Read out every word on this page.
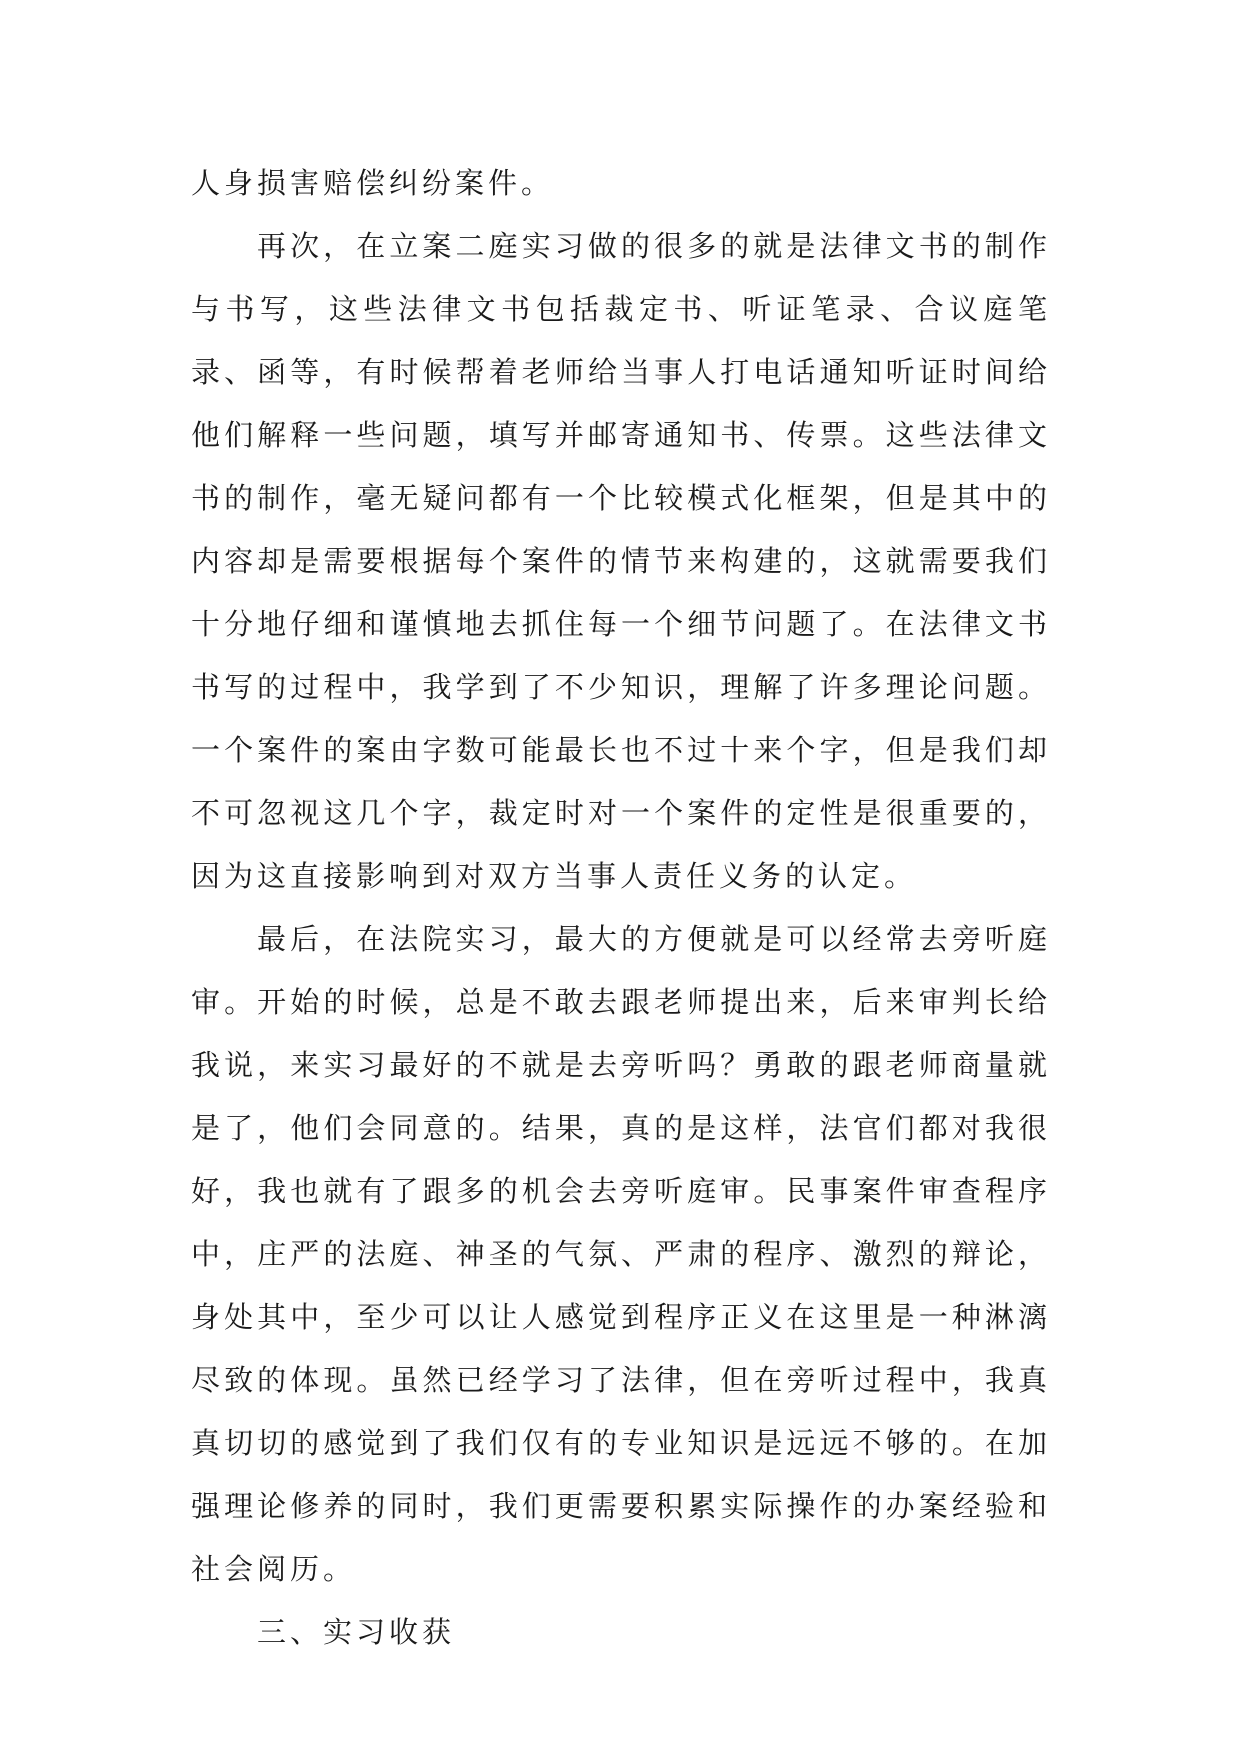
人身损害赔偿纠纷案件。

再次，在立案二庭实习做的很多的就是法律文书的制作与书写，这些法律文书包括裁定书、听证笔录、合议庭笔录、函等，有时候帮着老师给当事人打电话通知听证时间给他们解释一些问题，填写并邮寄通知书、传票。这些法律文书的制作，毫无疑问都有一个比较模式化框架，但是其中的内容却是需要根据每个案件的情节来构建的，这就需要我们十分地仔细和谨慎地去抓住每一个细节问题了。在法律文书书写的过程中，我学到了不少知识，理解了许多理论问题。一个案件的案由字数可能最长也不过十来个字，但是我们却不可忽视这几个字，裁定时对一个案件的定性是很重要的，因为这直接影响到对双方当事人责任义务的认定。

最后，在法院实习，最大的方便就是可以经常去旁听庭审。开始的时候，总是不敢去跟老师提出来，后来审判长给我说，来实习最好的不就是去旁听吗？勇敢的跟老师商量就是了，他们会同意的。结果，真的是这样，法官们都对我很好，我也就有了跟多的机会去旁听庭审。民事案件审查程序中，庄严的法庭、神圣的气氛、严肃的程序、激烈的辩论，身处其中，至少可以让人感觉到程序正义在这里是一种淋漓尽致的体现。虽然已经学习了法律，但在旁听过程中，我真真切切的感觉到了我们仅有的专业知识是远远不够的。在加强理论修养的同时，我们更需要积累实际操作的办案经验和社会阅历。

三、实习收获
